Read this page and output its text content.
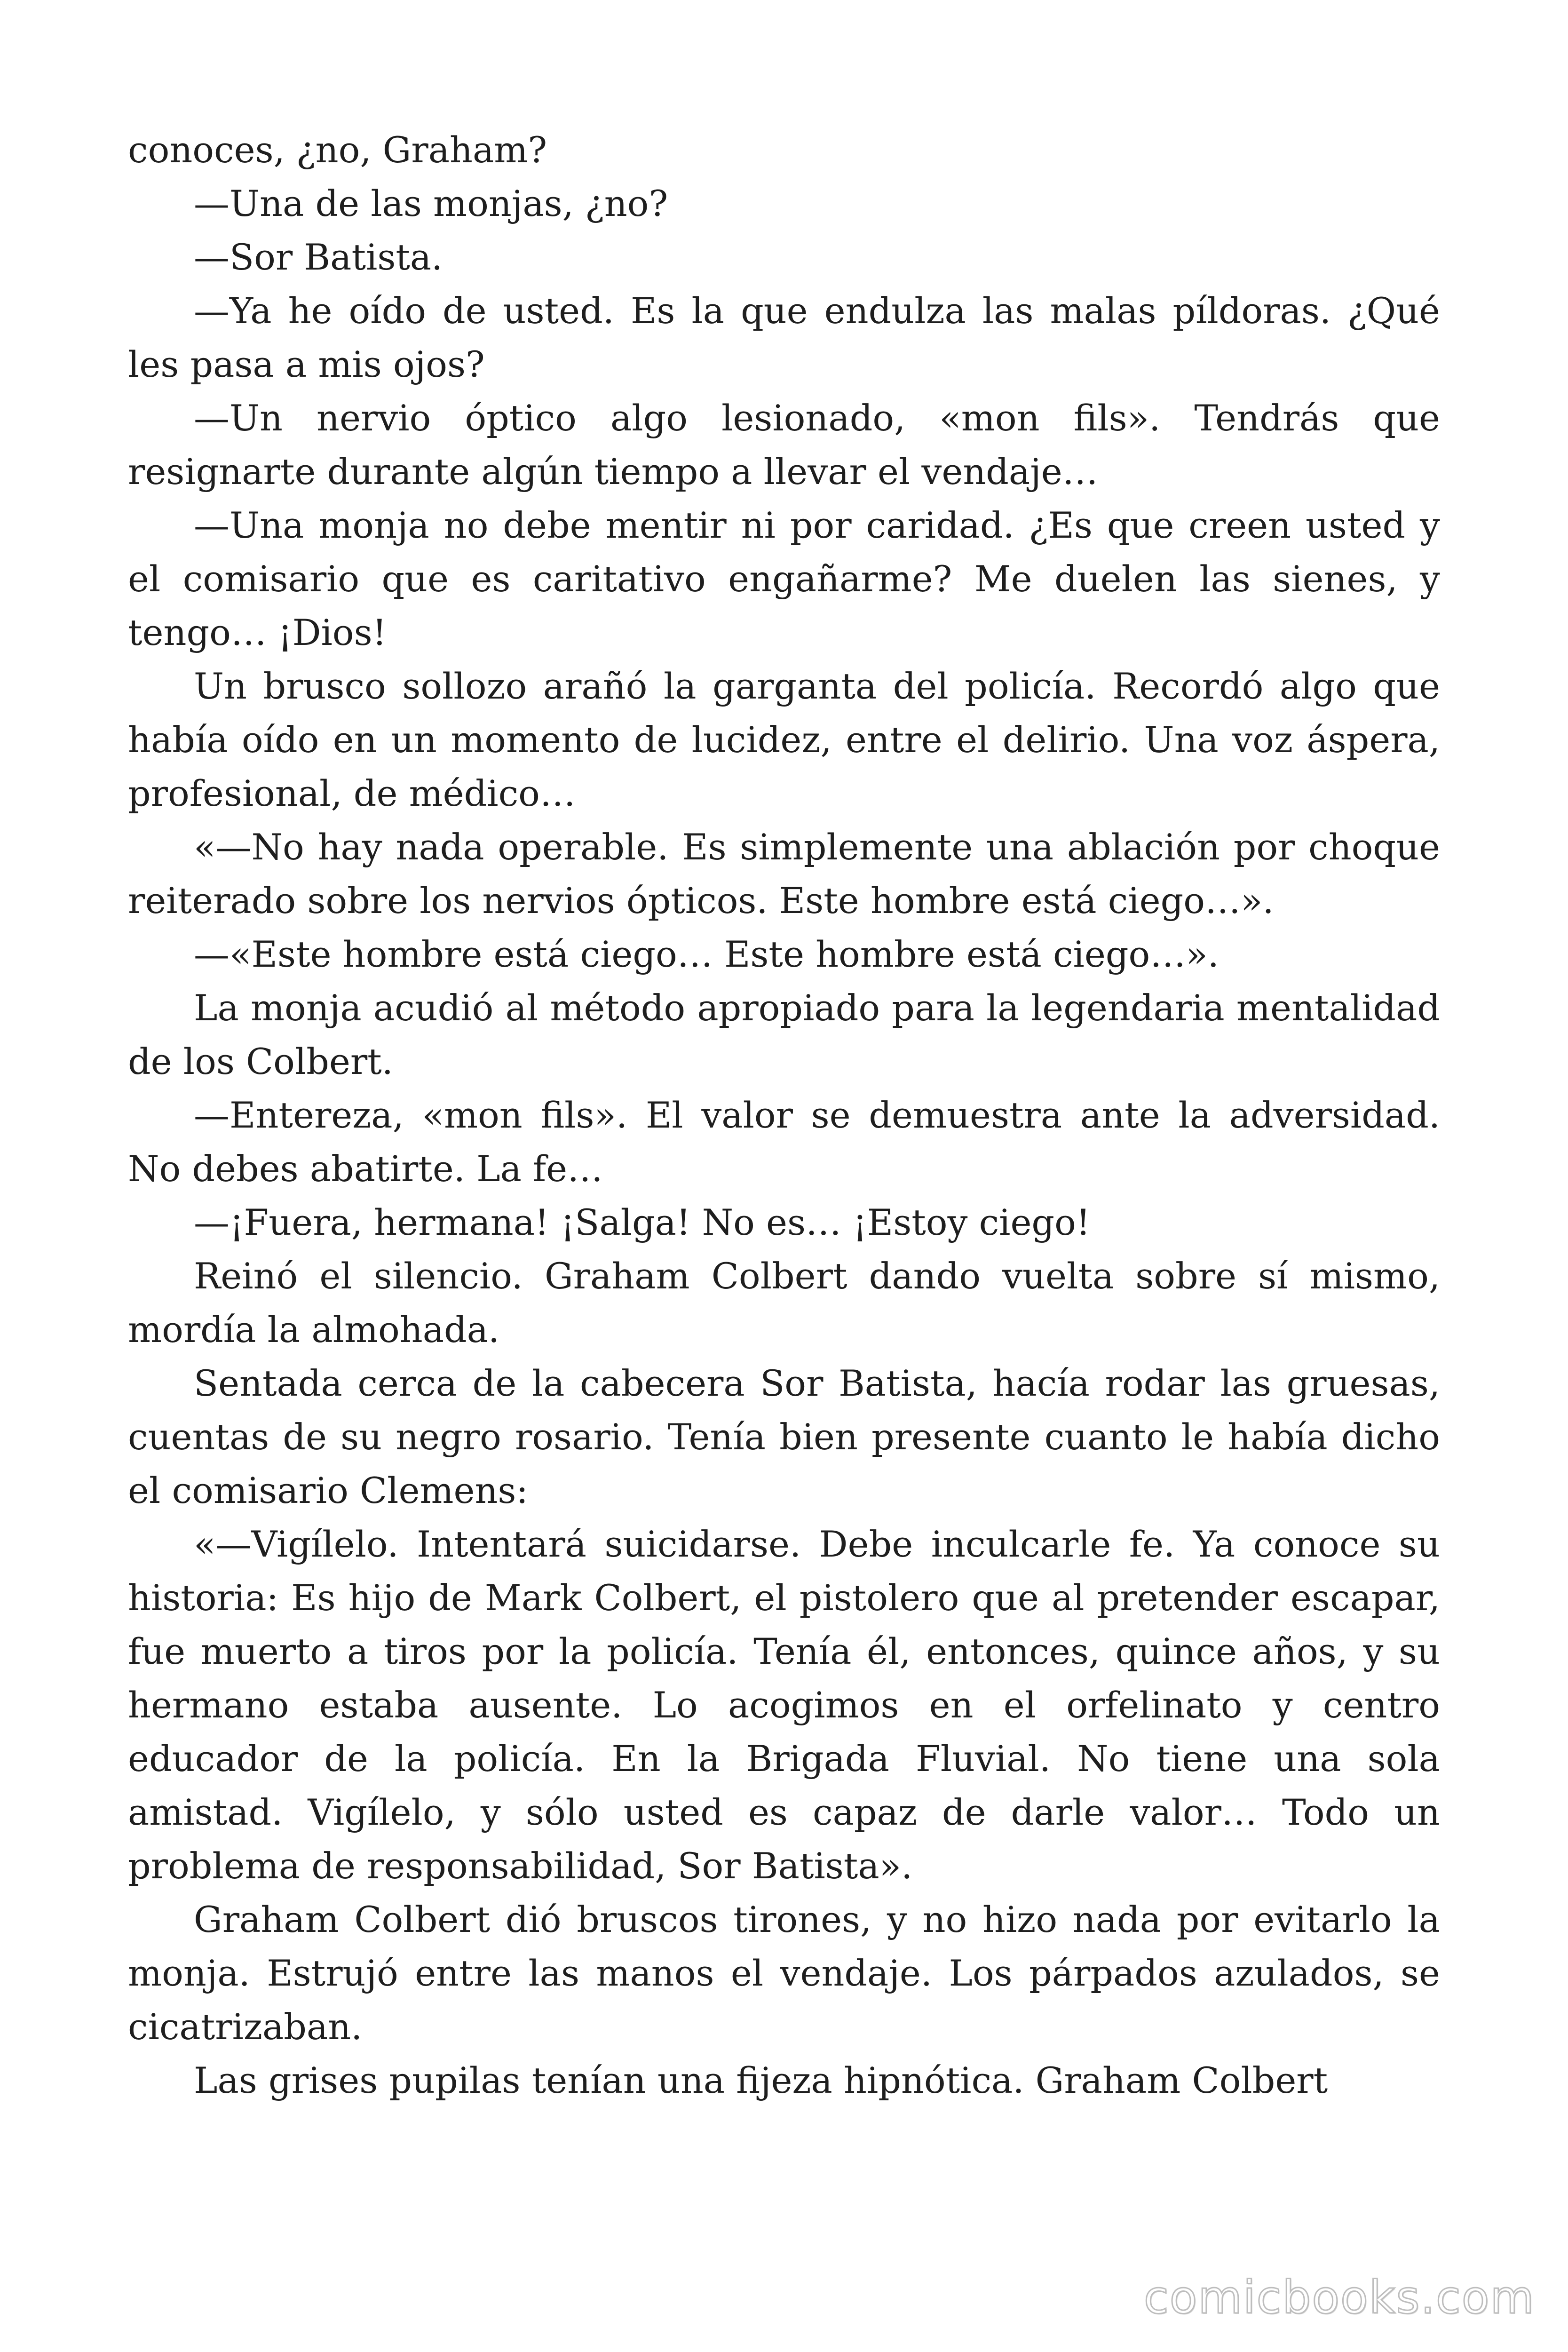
conoces, ¿no, Graham?

—Una de las monjas, ¿no?

—Sor Batista.

—Ya he oído de usted. Es la que endulza las malas píldoras. ¿Qué les pasa a mis ojos?

—Un nervio óptico algo lesionado, «mon fils». Tendrás que resignarte durante algún tiempo a llevar el vendaje…

—Una monja no debe mentir ni por caridad. ¿Es que creen usted y el comisario que es caritativo engañarme? Me duelen las sienes, y tengo… ¡Dios!

Un brusco sollozo arañó la garganta del policía. Recordó algo que había oído en un momento de lucidez, entre el delirio. Una voz áspera, profesional, de médico…

«—No hay nada operable. Es simplemente una ablación por choque reiterado sobre los nervios ópticos. Este hombre está ciego…».

—«Este hombre está ciego… Este hombre está ciego…».

La monja acudió al método apropiado para la legendaria mentalidad de los Colbert.

—Entereza, «mon fils». El valor se demuestra ante la adversidad. No debes abatirte. La fe…

—¡Fuera, hermana! ¡Salga! No es… ¡Estoy ciego!

Reinó el silencio. Graham Colbert dando vuelta sobre sí mismo, mordía la almohada.

Sentada cerca de la cabecera Sor Batista, hacía rodar las gruesas, cuentas de su negro rosario. Tenía bien presente cuanto le había dicho el comisario Clemens:

«—Vigílelo. Intentará suicidarse. Debe inculcarle fe. Ya conoce su historia: Es hijo de Mark Colbert, el pistolero que al pretender escapar, fue muerto a tiros por la policía. Tenía él, entonces, quince años, y su hermano estaba ausente. Lo acogimos en el orfelinato y centro educador de la policía. En la Brigada Fluvial. No tiene una sola amistad. Vigílelo, y sólo usted es capaz de darle valor… Todo un problema de responsabilidad, Sor Batista».

Graham Colbert dió bruscos tirones, y no hizo nada por evitarlo la monja. Estrujó entre las manos el vendaje. Los párpados azulados, se cicatrizaban.

Las grises pupilas tenían una fijeza hipnótica. Graham Colbert

comicbooks.com
